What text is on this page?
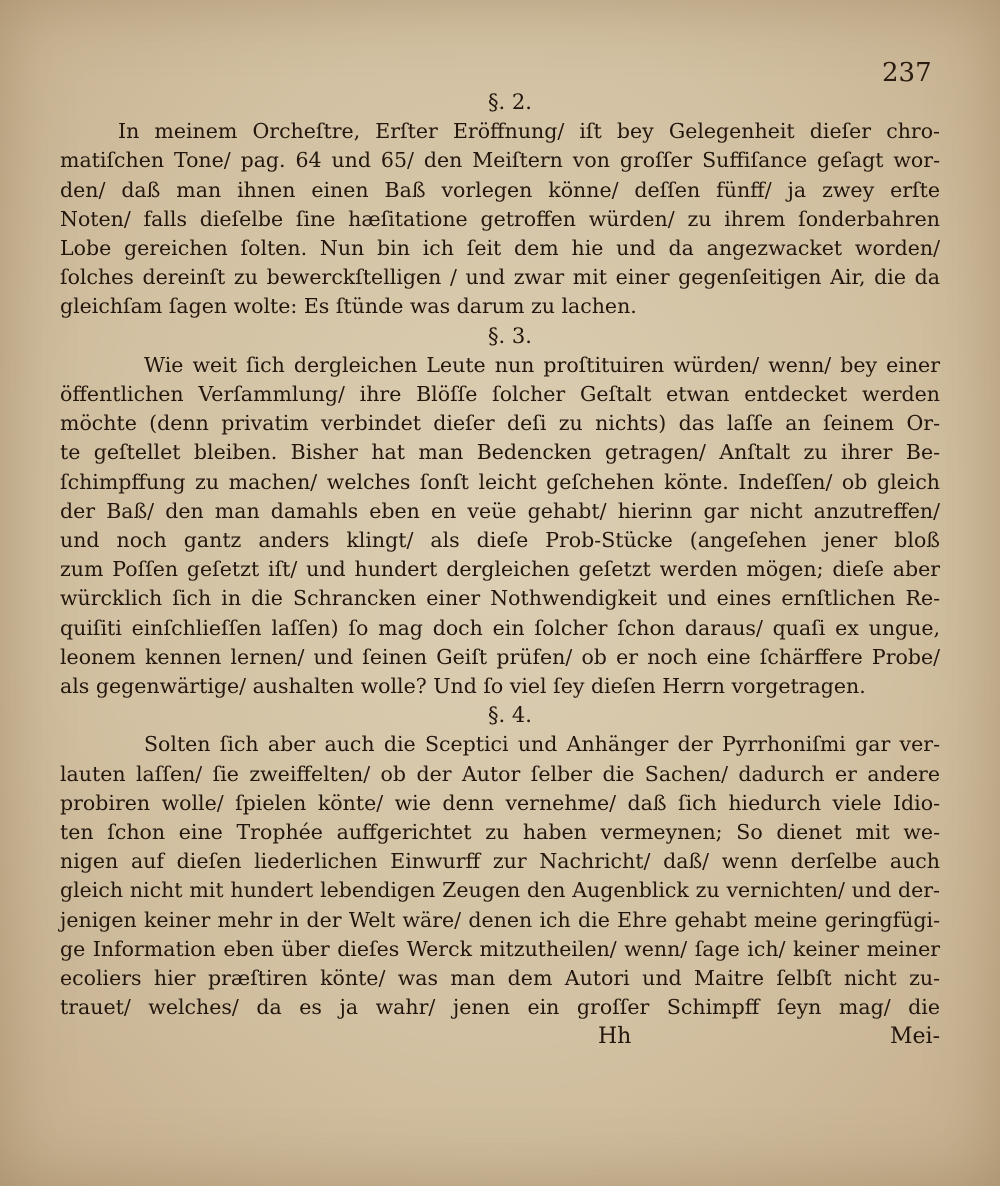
237
§. 2.
In meinem Orcheſtre, Erſter Eröffnung/ iſt bey Gelegenheit dieſer chro-
matiſchen Tone/ pag. 64 und 65/ den Meiſtern von groſſer Suffiſance geſagt wor-
den/ daß man ihnen einen Baß vorlegen könne/ deſſen fünff/ ja zwey erſte
Noten/ falls dieſelbe ſine hæſitatione getroffen würden/ zu ihrem ſonderbahren
Lobe gereichen ſolten. Nun bin ich ſeit dem hie und da angezwacket worden/
ſolches dereinſt zu bewerckſtelligen / und zwar mit einer gegenſeitigen Air, die da
gleichſam ſagen wolte: Es ſtünde was darum zu lachen.
§. 3.
Wie weit ſich dergleichen Leute nun proſtituiren würden/ wenn/ bey einer
öffentlichen Verſammlung/ ihre Blöſſe ſolcher Geſtalt etwan entdecket werden
möchte (denn privatim verbindet dieſer deſi zu nichts) das laſſe an ſeinem Or-
te geſtellet bleiben. Bisher hat man Bedencken getragen/ Anſtalt zu ihrer Be-
ſchimpffung zu machen/ welches ſonſt leicht geſchehen könte. Indeſſen/ ob gleich
der Baß/ den man damahls eben en veüe gehabt/ hierinn gar nicht anzutreffen/
und noch gantz anders klingt/ als dieſe Prob-Stücke (angeſehen jener bloß
zum Poſſen geſetzt iſt/ und hundert dergleichen geſetzt werden mögen; dieſe aber
würcklich ſich in die Schrancken einer Nothwendigkeit und eines ernſtlichen Re-
quiſiti einſchlieſſen laſſen) ſo mag doch ein ſolcher ſchon daraus/ quaſi ex ungue,
leonem kennen lernen/ und ſeinen Geiſt prüfen/ ob er noch eine ſchärffere Probe/
als gegenwärtige/ aushalten wolle? Und ſo viel ſey dieſen Herrn vorgetragen.
§. 4.
Solten ſich aber auch die Sceptici und Anhänger der Pyrrhoniſmi gar ver-
lauten laſſen/ ſie zweiffelten/ ob der Autor ſelber die Sachen/ dadurch er andere
probiren wolle/ ſpielen könte/ wie denn vernehme/ daß ſich hiedurch viele Idio-
ten ſchon eine Trophée auffgerichtet zu haben vermeynen; So dienet mit we-
nigen auf dieſen liederlichen Einwurff zur Nachricht/ daß/ wenn derſelbe auch
gleich nicht mit hundert lebendigen Zeugen den Augenblick zu vernichten/ und der-
jenigen keiner mehr in der Welt wäre/ denen ich die Ehre gehabt meine geringfügi-
ge Information eben über dieſes Werck mitzutheilen/ wenn/ ſage ich/ keiner meiner
ecoliers hier præſtiren könte/ was man dem Autori und Maitre ſelbſt nicht zu-
trauet/ welches/ da es ja wahr/ jenen ein groſſer Schimpff ſeyn mag/ die
Hh	Mei-
